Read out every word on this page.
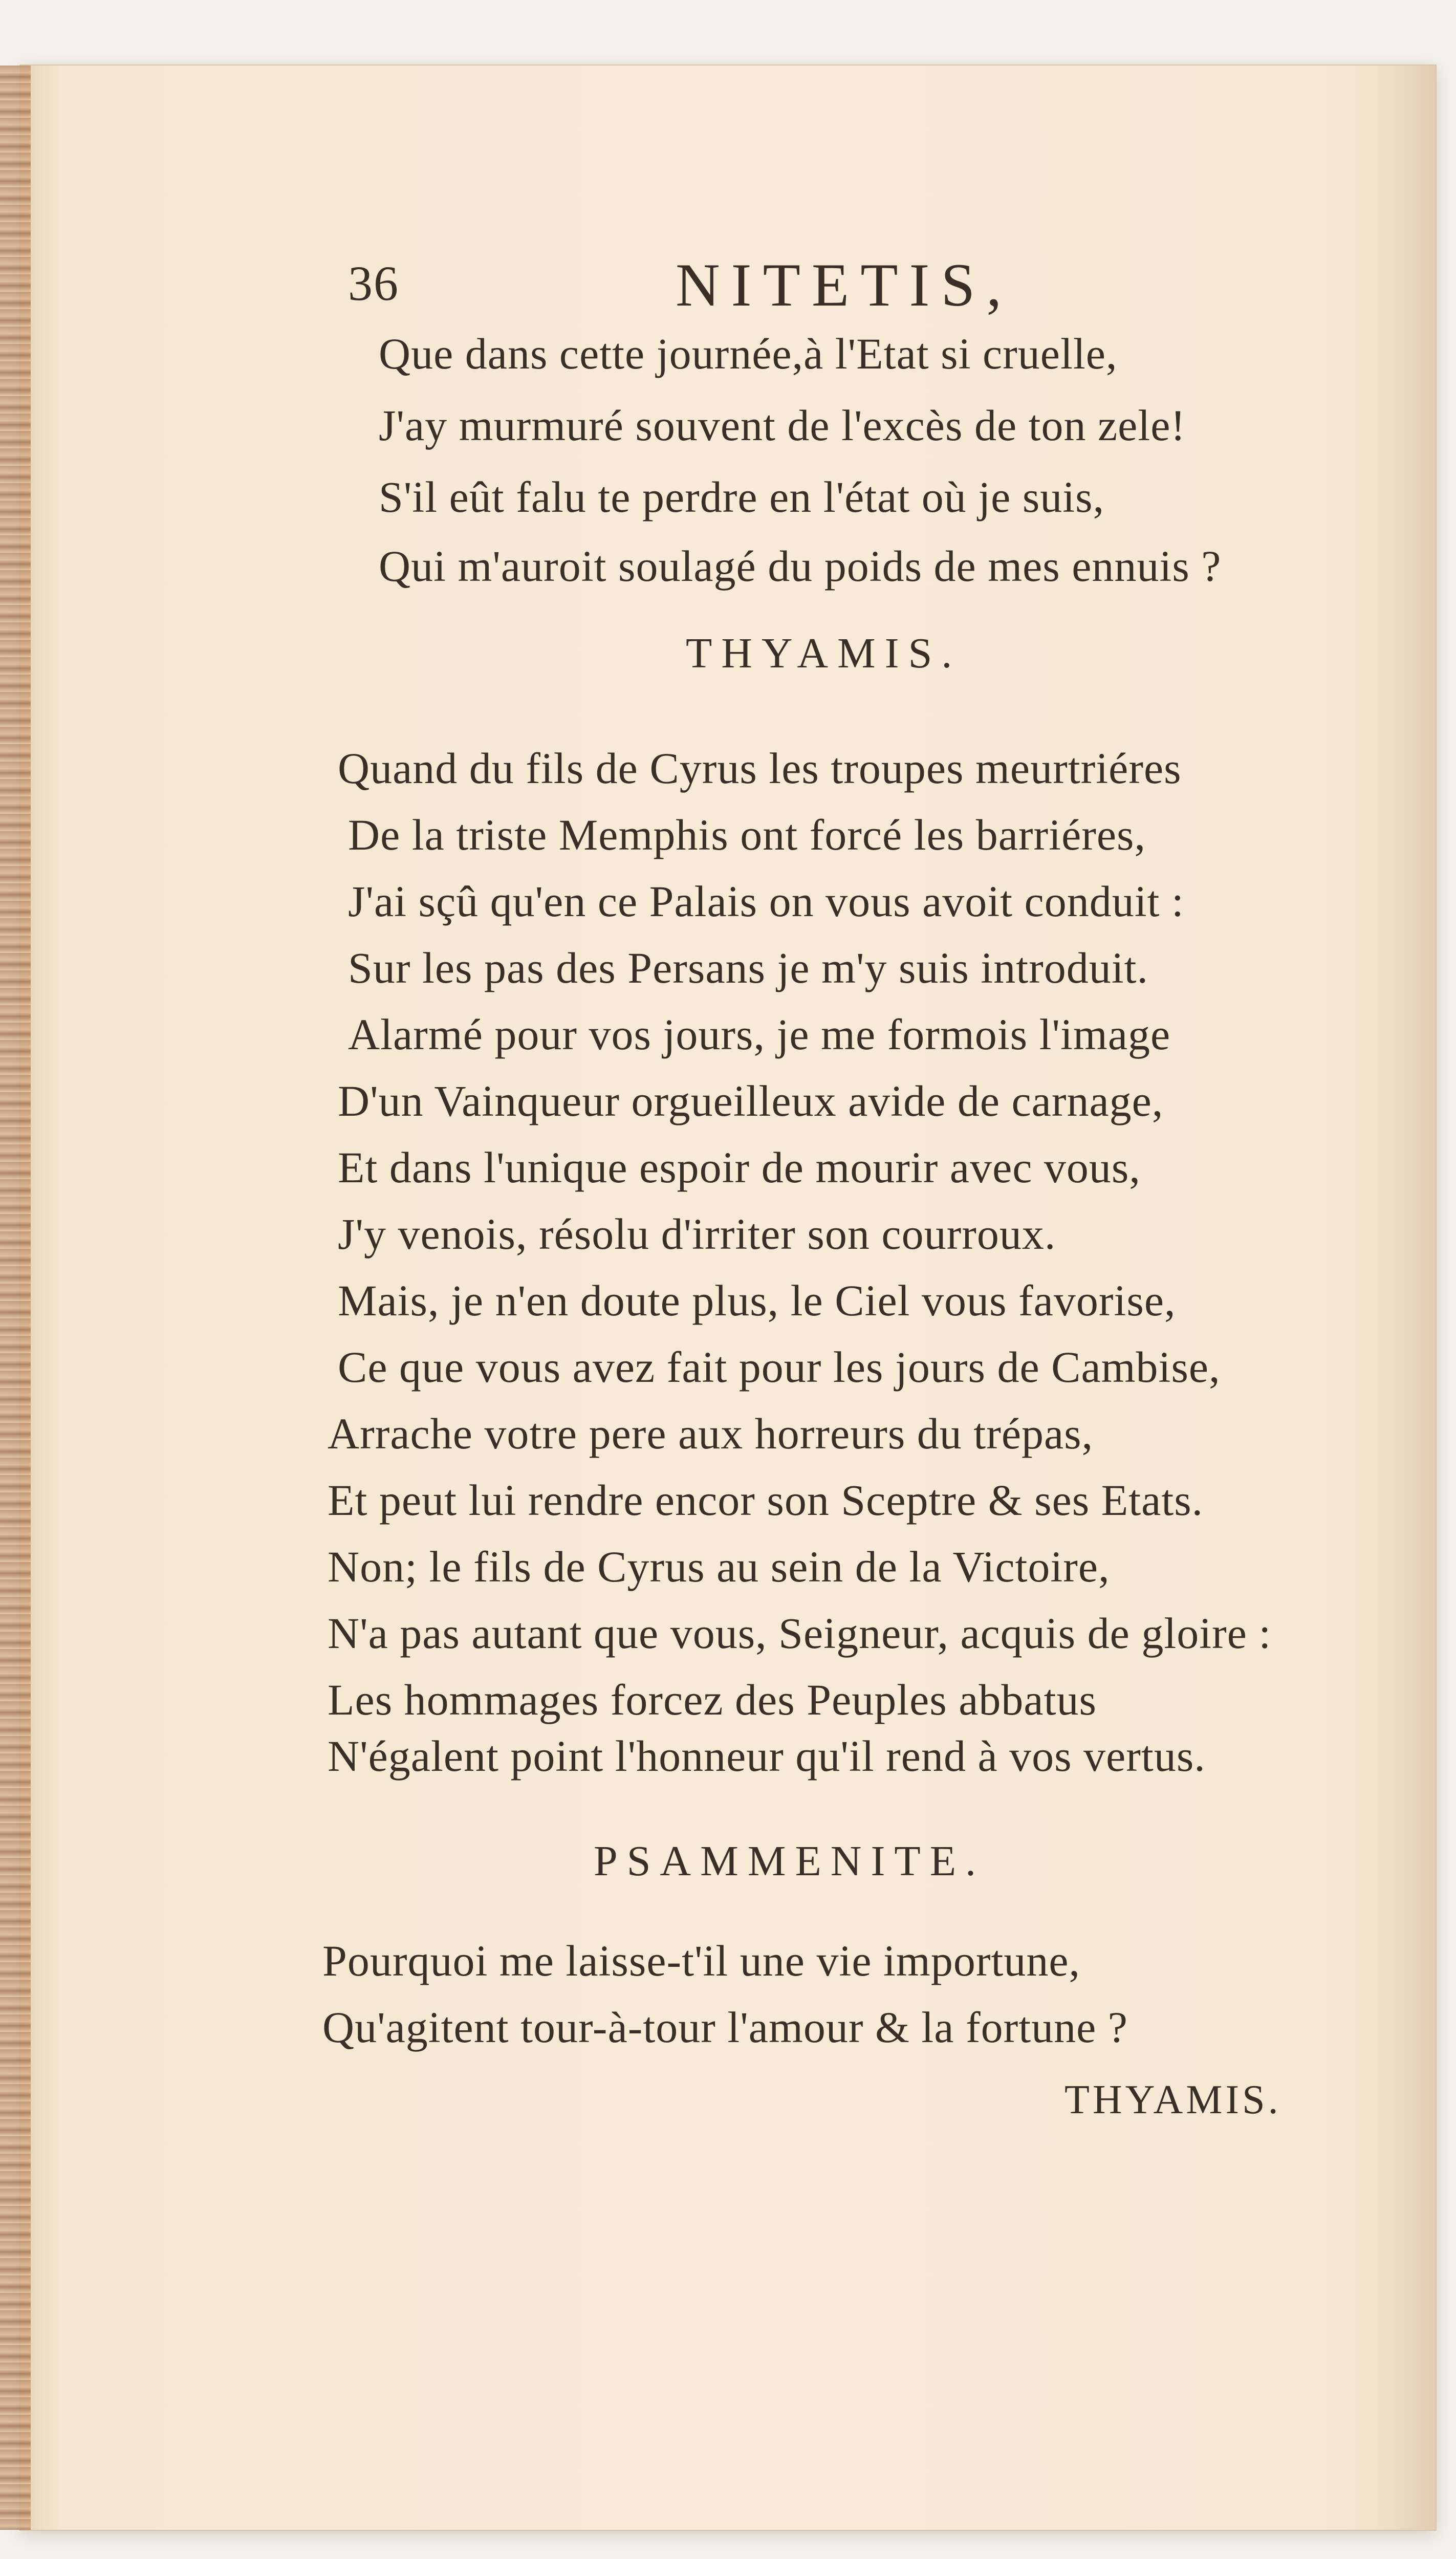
36	NITETIS,
Que dans cette journée,à l'Etat si cruelle,
J'ay murmuré souvent de l'excès de ton zele!
S'il eût falu te perdre en l'état où je suis,
Qui m'auroit soulagé du poids de mes ennuis ?
THYAMIS.
Quand du fils de Cyrus les troupes meurtriéres
De la triste Memphis ont forcé les barriéres,
J'ai sçû qu'en ce Palais on vous avoit conduit :
Sur les pas des Persans je m'y suis introduit.
Alarmé pour vos jours, je me formois l'image
D'un Vainqueur orgueilleux avide de carnage,
Et dans l'unique espoir de mourir avec vous,
J'y venois, résolu d'irriter son courroux.
Mais, je n'en doute plus, le Ciel vous favorise,
Ce que vous avez fait pour les jours de Cambise,
Arrache votre pere aux horreurs du trépas,
Et peut lui rendre encor son Sceptre & ses Etats.
Non; le fils de Cyrus au sein de la Victoire,
N'a pas autant que vous, Seigneur, acquis de gloire :
Les hommages forcez des Peuples abbatus
N'égalent point l'honneur qu'il rend à vos vertus.
PSAMMENITE.
Pourquoi me laisse-t'il une vie importune,
Qu'agitent tour-à-tour l'amour & la fortune ?
THYAMIS.
